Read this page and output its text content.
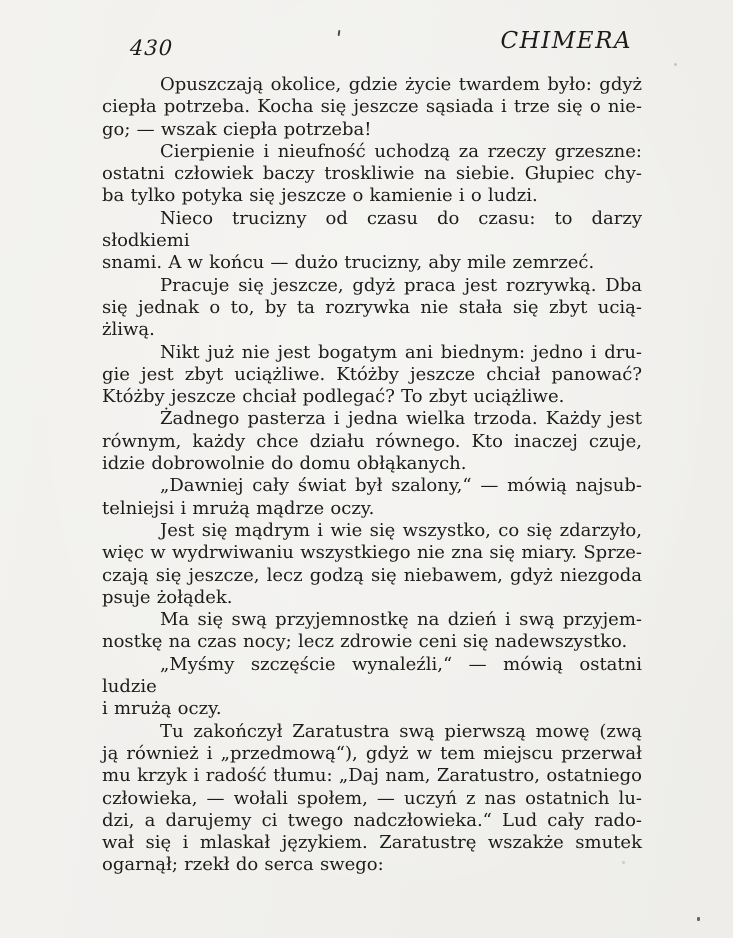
430	CHIMERA
Opuszczają okolice, gdzie życie twardem było: gdyż
ciepła potrzeba. Kocha się jeszcze sąsiada i trze się o nie-
go; — wszak ciepła potrzeba!
Cierpienie i nieufność uchodzą za rzeczy grzeszne:
ostatni człowiek baczy troskliwie na siebie. Głupiec chy-
ba tylko potyka się jeszcze o kamienie i o ludzi.
Nieco trucizny od czasu do czasu: to darzy słodkiemi
snami. A w końcu — dużo trucizny, aby mile zemrzeć.
Pracuje się jeszcze, gdyż praca jest rozrywką. Dba
się jednak o to, by ta rozrywka nie stała się zbyt ucią-
żliwą.
Nikt już nie jest bogatym ani biednym: jedno i dru-
gie jest zbyt uciążliwe. Któżby jeszcze chciał panować?
Któżby jeszcze chciał podlegać? To zbyt uciążliwe.
Żadnego pasterza i jedna wielka trzoda. Każdy jest
równym, każdy chce działu równego. Kto inaczej czuje,
idzie dobrowolnie do domu obłąkanych.
„Dawniej cały świat był szalony,“ — mówią najsub-
telniejsi i mrużą mądrze oczy.
Jest się mądrym i wie się wszystko, co się zdarzyło,
więc w wydrwiwaniu wszystkiego nie zna się miary. Sprze-
czają się jeszcze, lecz godzą się niebawem, gdyż niezgoda
psuje żołądek.
Ma się swą przyjemnostkę na dzień i swą przyjem-
nostkę na czas nocy; lecz zdrowie ceni się nadewszystko.
„Myśmy szczęście wynaleźli,“ — mówią ostatni ludzie
i mrużą oczy.
Tu zakończył Zaratustra swą pierwszą mowę (zwą
ją również i „przedmową“), gdyż w tem miejscu przerwał
mu krzyk i radość tłumu: „Daj nam, Zaratustro, ostatniego
człowieka, — wołali społem, — uczyń z nas ostatnich lu-
dzi, a darujemy ci twego nadczłowieka.“ Lud cały rado-
wał się i mlaskał językiem. Zaratustrę wszakże smutek
ogarnął; rzekł do serca swego:
